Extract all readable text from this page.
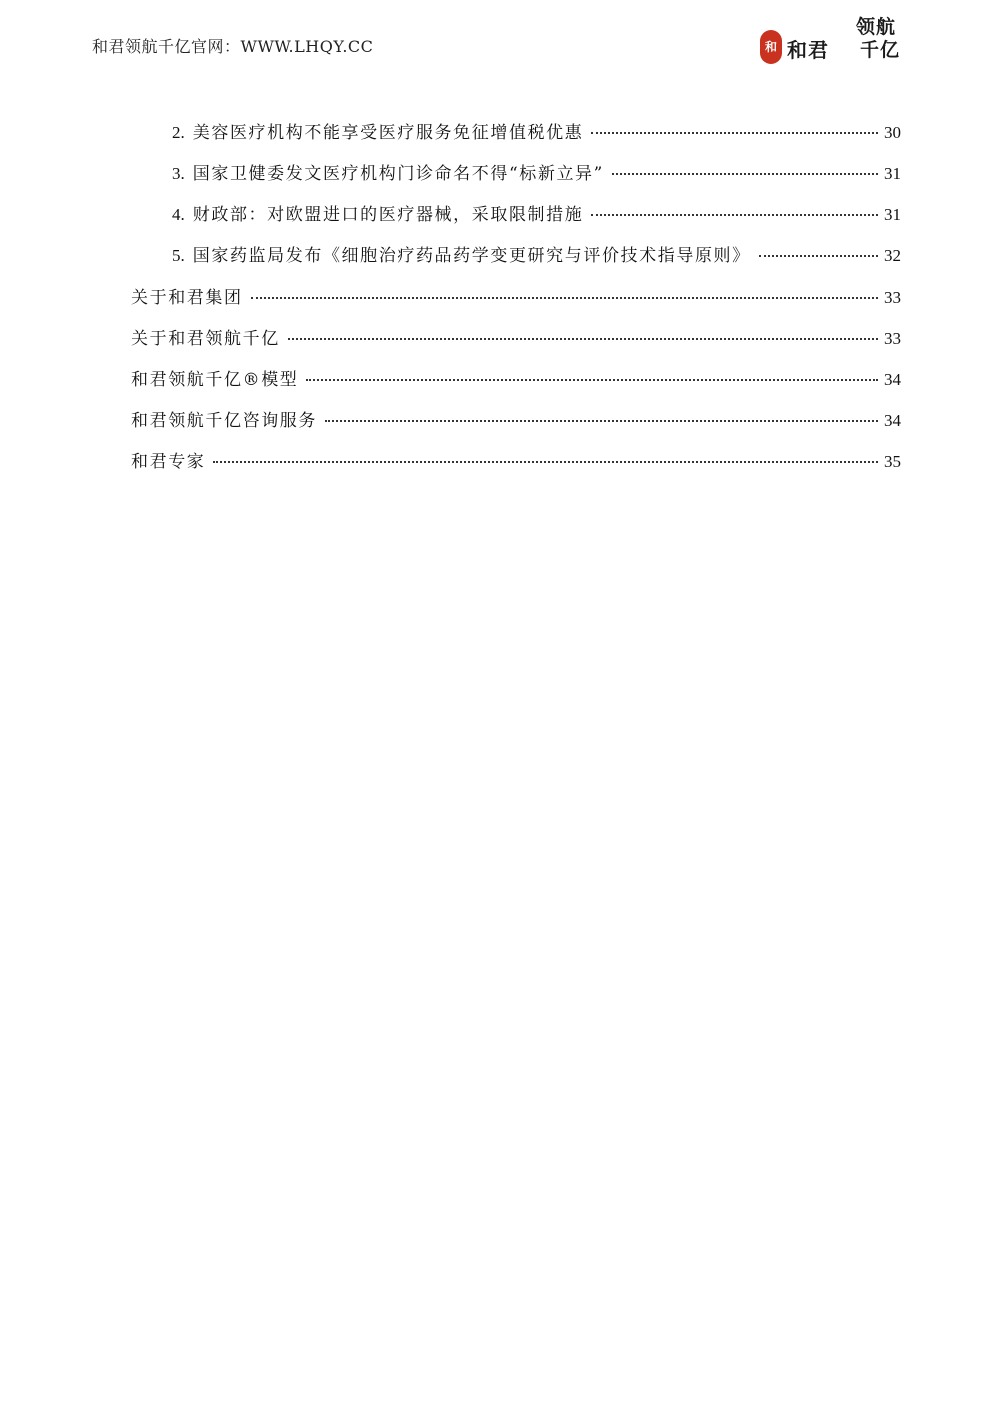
和君领航千亿官网：WWW.LHQY.CC	和 和君
领航
千亿
2. 美容医疗机构不能享受医疗服务免征增值税优惠	30
3. 国家卫健委发文医疗机构门诊命名不得“标新立异”	31
4. 财政部：对欧盟进口的医疗器械，采取限制措施	31
5. 国家药监局发布《细胞治疗药品药学变更研究与评价技术指导原则》	32
关于和君集团	33
关于和君领航千亿	33
和君领航千亿®模型	34
和君领航千亿咨询服务	34
和君专家	35
